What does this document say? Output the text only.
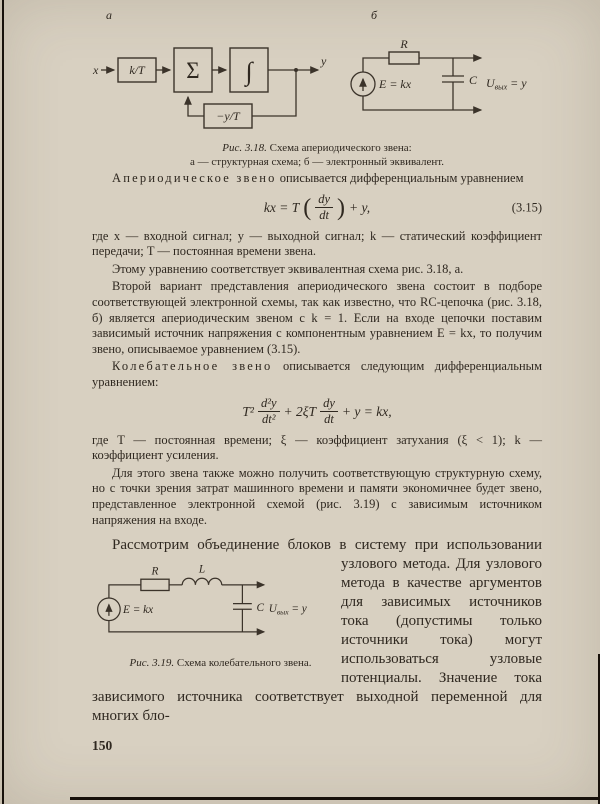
а
x	k/T Σ ∫	y
−y/T
б
R
E = kx	C $U_{вых} = y$
Рис. 3.18. Схема апериодического звена:
а — структурная схема; б — электронный эквивалент.

Апериодическое звено описывается дифференциальным уравнением

kx = T ( $\frac{dy}{dt}$ ) + y,	(3.15)

где x — входной сигнал; y — выходной сигнал; k — статический коэффициент передачи; T — постоянная времени звена.

Этому уравнению соответствует эквивалентная схема рис. 3.18, а.

Второй вариант представления апериодического звена состоит в подборе соответствующей электронной схемы, так как известно, что RC-цепочка (рис. 3.18, б) является апериодическим звеном с k = 1. Если на входе цепочки поставим зависимый источник напряжения с компонентным уравнением E = kx, то получим звено, описываемое уравнением (3.15).

Колебательное звено описывается следующим дифференциальным уравнением:

$T^2 \frac{\text{d²y}}{\text{dt²}} + 2\xi T \frac{dy}{dt} + y$ = kx,

где T — постоянная времени; ξ — коэффициент затухания (ξ < 1); k — коэффициент усиления.

Для этого звена также можно получить соответствующую структурную схему, но с точки зрения затрат машинного времени и памяти экономичнее будет звено, представленное электронной схемой (рис. 3.19) с зависимым источником напряжения на входе.

Рассмотрим объединение блоков в систему при использовании узлового метода.
R	L
E = kx	C $U_{вых} = y$
Рис. 3.19. Схема колебательного звена.
Для узлового метода в качестве аргументов для зависимых источников тока (допустимы только источники тока) могут использоваться узловые потенциалы. Значение тока зависимого источника соответствует выходной переменной для многих бло-
150
